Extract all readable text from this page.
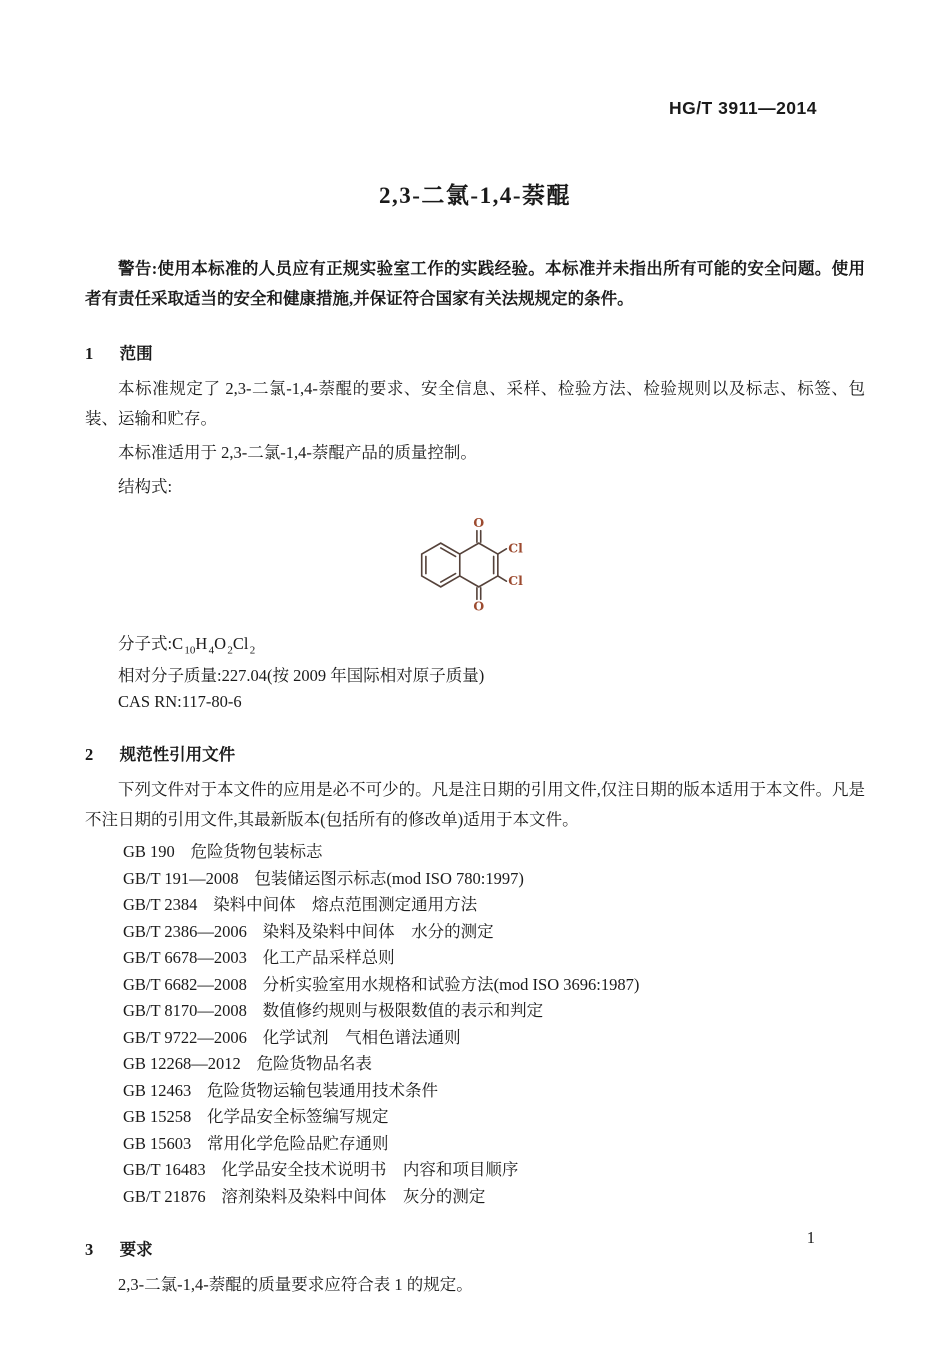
HG/T 3911—2014
2,3-二氯-1,4-萘醌

警告:使用本标准的人员应有正规实验室工作的实践经验。本标准并未指出所有可能的安全问题。使用者有责任采取适当的安全和健康措施,并保证符合国家有关法规规定的条件。

1 范围

本标准规定了 2,3-二氯-1,4-萘醌的要求、安全信息、采样、检验方法、检验规则以及标志、标签、包装、运输和贮存。

本标准适用于 2,3-二氯-1,4-萘醌产品的质量控制。

结构式:

O
Cl
Cl
O
分子式$:C_{10}H_4O_2Cl_2$
相对分子质量:227.04(按 2009 年国际相对原子质量)
CAS RN:117-80-6
2 规范性引用文件

下列文件对于本文件的应用是必不可少的。凡是注日期的引用文件,仅注日期的版本适用于本文件。凡是不注日期的引用文件,其最新版本(包括所有的修改单)适用于本文件。

GB 190 危险货物包装标志
GB/T 191—2008 包装储运图示标志(mod ISO 780:1997)
GB/T 2384 染料中间体　熔点范围测定通用方法
GB/T 2386—2006 染料及染料中间体　水分的测定
GB/T 6678—2003 化工产品采样总则
GB/T 6682—2008 分析实验室用水规格和试验方法(mod ISO 3696:1987)
GB/T 8170—2008 数值修约规则与极限数值的表示和判定
GB/T 9722—2006 化学试剂　气相色谱法通则
GB 12268—2012 危险货物品名表
GB 12463 危险货物运输包装通用技术条件
GB 15258 化学品安全标签编写规定
GB 15603 常用化学危险品贮存通则
GB/T 16483 化学品安全技术说明书　内容和项目顺序
GB/T 21876 溶剂染料及染料中间体　灰分的测定
3 要求

2,3-二氯-1,4-萘醌的质量要求应符合表 1 的规定。

1
